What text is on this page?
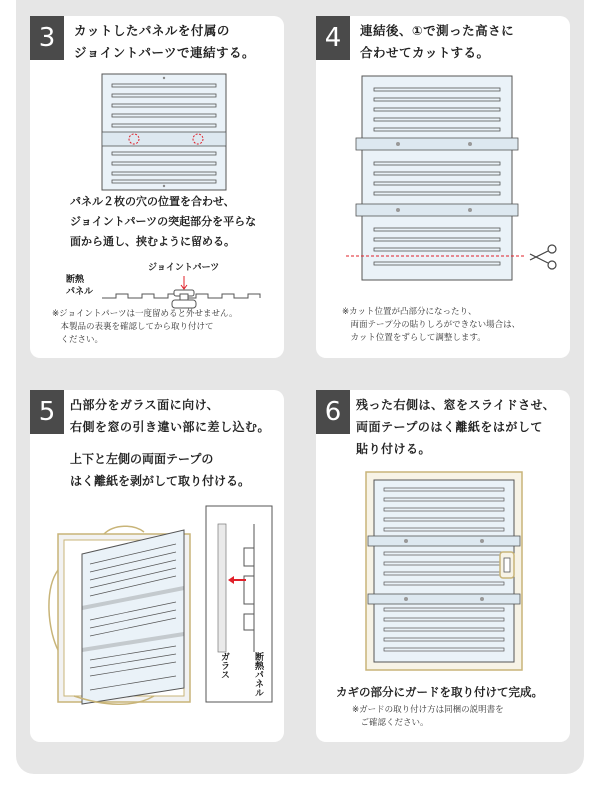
3	カットしたパネルを付属の
ジョイントパーツで連結する。
パネル２枚の穴の位置を合わせ、
ジョイントパーツの突起部分を平らな
面から通し、挟むように留める。
ジョイントパーツ
断熱
パネル
※ジョイントパーツは一度留めると外せません。
　本製品の表裏を確認してから取り付けて
　ください。
4	連結後、①で測った高さに
合わせてカットする。
※カット位置が凸部分になったり、
　両面テープ分の貼りしろができない場合は、
　カット位置をずらして調整します。
5	凸部分をガラス面に向け、
右側を窓の引き違い部に差し込む。
上下と左側の両面テープの
はく離紙を剥がして取り付ける。
ガラス	断熱パネル
6	残った右側は、窓をスライドさせ、
両面テープのはく離紙をはがして
貼り付ける。
カギの部分にガードを取り付けて完成。
※ガードの取り付け方は同梱の説明書を
　ご確認ください。
